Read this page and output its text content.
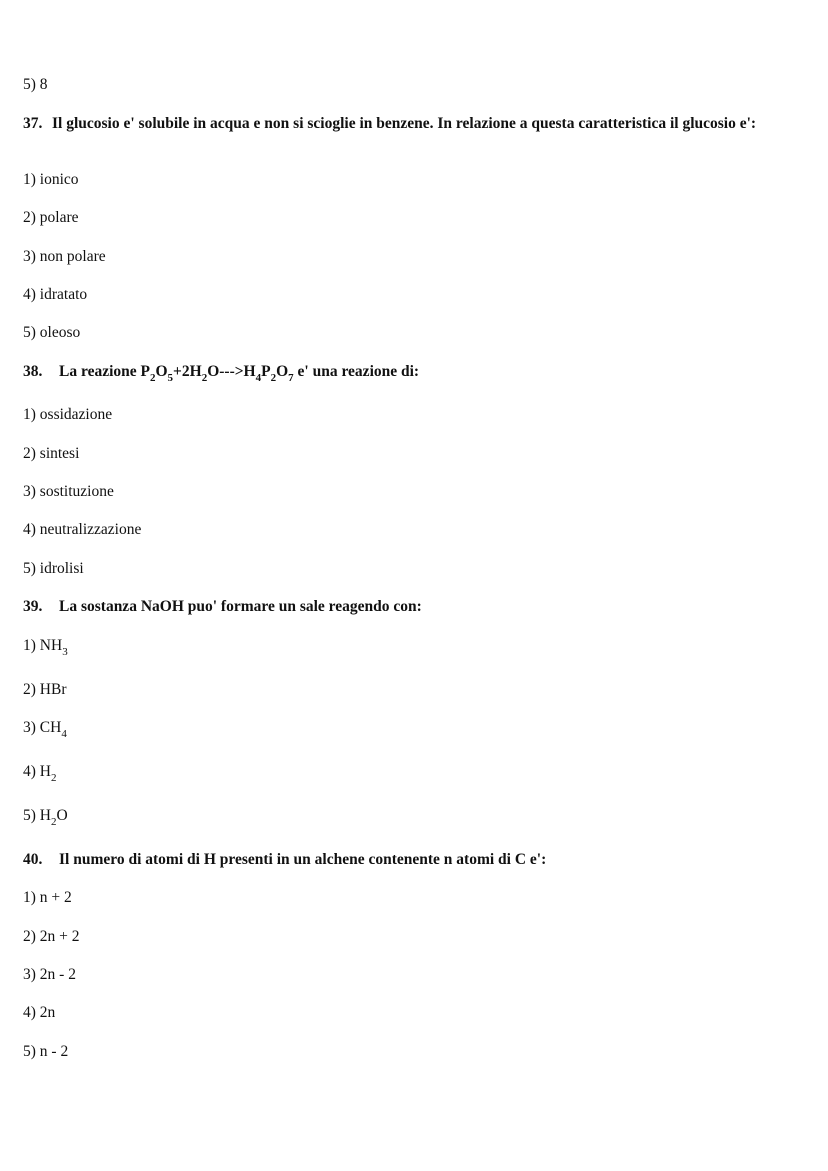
5) 8
37. Il glucosio e' solubile in acqua e non si scioglie in benzene. In relazione a questa caratteristica il glucosio e':
1) ionico
2) polare
3) non polare
4) idratato
5) oleoso
38. La reazione $P_2O_5+2H_2O--->H_4P_2O_7$ e' una reazione di:
1) ossidazione
2) sintesi
3) sostituzione
4) neutralizzazione
5) idrolisi
39. La sostanza NaOH puo' formare un sale reagendo con:
1) $NH_3$
2) HBr
3) $CH_4$
4) $H_2$
5) $H_2O$
40. Il numero di atomi di H presenti in un alchene contenente n atomi di C e':
1) n + 2
2) 2n + 2
3) 2n - 2
4) 2n
5) n - 2
